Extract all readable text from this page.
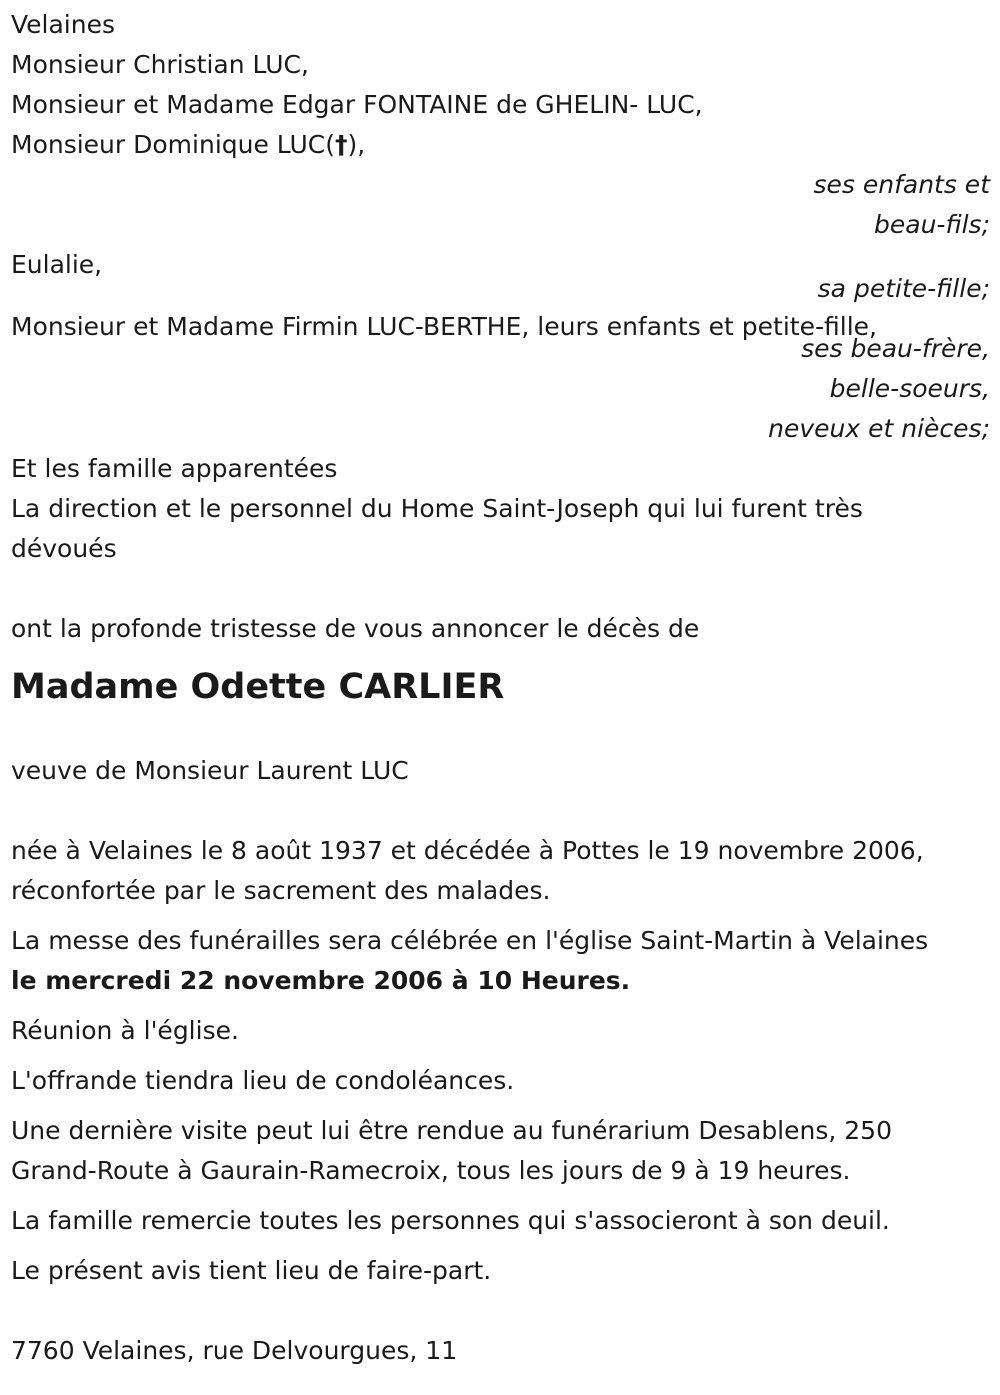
Velaines
Monsieur Christian LUC,
Monsieur et Madame Edgar FONTAINE de GHELIN- LUC,
Monsieur Dominique LUC(†),
ses enfants et
beau-fils;
Eulalie,
sa petite-fille;
Monsieur et Madame Firmin LUC-BERTHE, leurs enfants et petite-fille,
ses beau-frère,
belle-soeurs,
neveux et nièces;
Et les famille apparentées
La direction et le personnel du Home Saint-Joseph qui lui furent très dévoués
ont la profonde tristesse de vous annoncer le décès de
Madame Odette CARLIER
veuve de Monsieur Laurent LUC
née à Velaines le 8 août 1937 et décédée à Pottes le 19 novembre 2006, réconfortée par le sacrement des malades.
La messe des funérailles sera célébrée en l'église Saint-Martin à Velaines
le mercredi 22 novembre 2006 à 10 Heures.
Réunion à l'église.
L'offrande tiendra lieu de condoléances.
Une dernière visite peut lui être rendue au funérarium Desablens, 250 Grand-Route à Gaurain-Ramecroix, tous les jours de 9 à 19 heures.
La famille remercie toutes les personnes qui s'associeront à son deuil.
Le présent avis tient lieu de faire-part.
7760 Velaines, rue Delvourgues, 11
